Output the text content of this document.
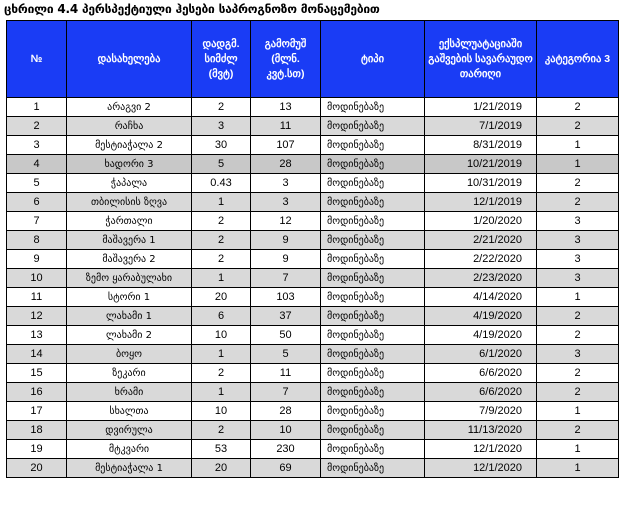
ცხრილი 4.4 პერსპექტიული ჰესები საპროგნოზო მონაცემებით
№	დასახელება	დადგმ. სიმძლ (მვტ)	გამომუშ (მლნ. კვტ.სთ)	ტიპი	ექსპლუატაციაში გაშვების სავარაუდო თარიღი	კატეგორია 3
1	არაგვი 2	2	13	მოდინებაზე	1/21/2019	2
2	რაჩხა	3	11	მოდინებაზე	7/1/2019	2
3	მესტიაჭალა 2	30	107	მოდინებაზე	8/31/2019	1
4	ხადორი 3	5	28	მოდინებაზე	10/21/2019	1
5	ჭაპალა	0.43	3	მოდინებაზე	10/31/2019	2
6	თბილისის ზღვა	1	3	მოდინებაზე	12/1/2019	2
7	ჭართალი	2	12	მოდინებაზე	1/20/2020	3
8	მაშავერა 1	2	9	მოდინებაზე	2/21/2020	3
9	მაშავერა 2	2	9	მოდინებაზე	2/22/2020	3
10	ზემო ყარაბულახი	1	7	მოდინებაზე	2/23/2020	3
11	სტორი 1	20	103	მოდინებაზე	4/14/2020	1
12	ლახამი 1	6	37	მოდინებაზე	4/19/2020	2
13	ლახამი 2	10	50	მოდინებაზე	4/19/2020	2
14	ბოყო	1	5	მოდინებაზე	6/1/2020	3
15	ზეკარი	2	11	მოდინებაზე	6/6/2020	2
16	ხრამი	1	7	მოდინებაზე	6/6/2020	2
17	სხალთა	10	28	მოდინებაზე	7/9/2020	1
18	დვირულა	2	10	მოდინებაზე	11/13/2020	2
19	მტკვარი	53	230	მოდინებაზე	12/1/2020	1
20	მესტიაჭალა 1	20	69	მოდინებაზე	12/1/2020	1
